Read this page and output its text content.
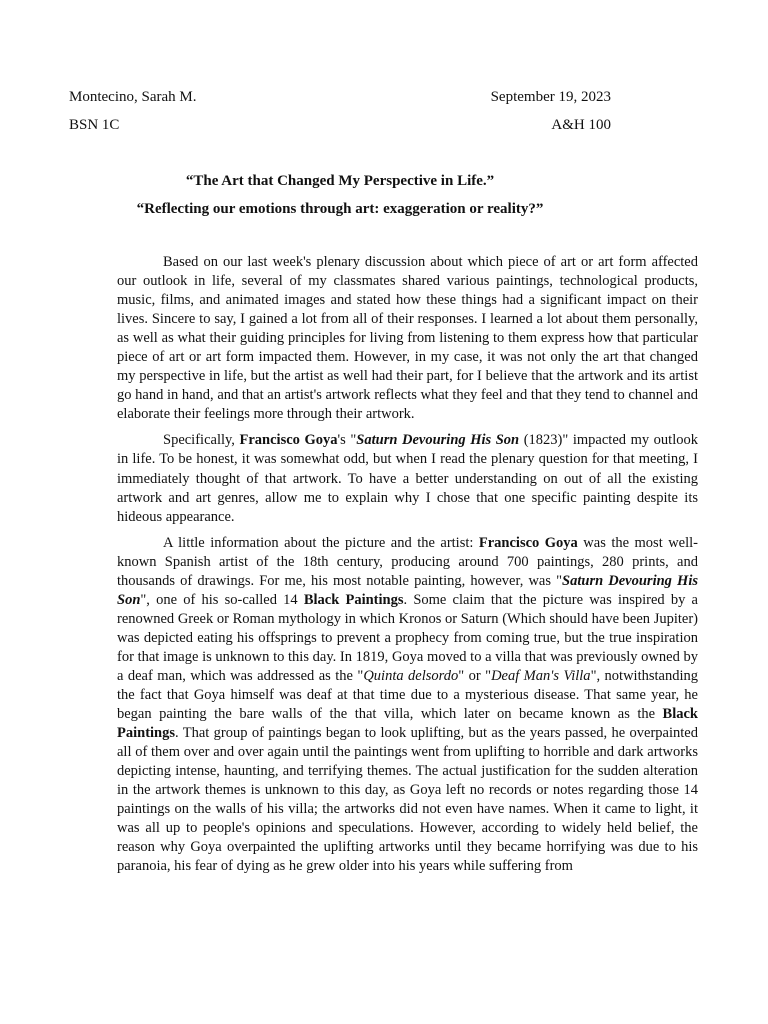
Montecino, Sarah M.	September 19, 2023
BSN 1C	A&H 100
“The Art that Changed My Perspective in Life.”
“Reflecting our emotions through art: exaggeration or reality?”

Based on our last week's plenary discussion about which piece of art or art form affected our outlook in life, several of my classmates shared various paintings, technological products, music, films, and animated images and stated how these things had a significant impact on their lives. Sincere to say, I gained a lot from all of their responses. I learned a lot about them personally, as well as what their guiding principles for living from listening to them express how that particular piece of art or art form impacted them. However, in my case, it was not only the art that changed my perspective in life, but the artist as well had their part, for I believe that the artwork and its artist go hand in hand, and that an artist's artwork reflects what they feel and that they tend to channel and elaborate their feelings more through their artwork.

Specifically, Francisco Goya's "Saturn Devouring His Son (1823)" impacted my outlook in life. To be honest, it was somewhat odd, but when I read the plenary question for that meeting, I immediately thought of that artwork. To have a better understanding on out of all the existing artwork and art genres, allow me to explain why I chose that one specific painting despite its hideous appearance.

A little information about the picture and the artist: Francisco Goya was the most well-known Spanish artist of the 18th century, producing around 700 paintings, 280 prints, and thousands of drawings. For me, his most notable painting, however, was "Saturn Devouring His Son", one of his so-called 14 Black Paintings. Some claim that the picture was inspired by a renowned Greek or Roman mythology in which Kronos or Saturn (Which should have been Jupiter) was depicted eating his offsprings to prevent a prophecy from coming true, but the true inspiration for that image is unknown to this day. In 1819, Goya moved to a villa that was previously owned by a deaf man, which was addressed as the "Quinta delsordo" or "Deaf Man's Villa", notwithstanding the fact that Goya himself was deaf at that time due to a mysterious disease. That same year, he began painting the bare walls of the that villa, which later on became known as the Black Paintings. That group of paintings began to look uplifting, but as the years passed, he overpainted all of them over and over again until the paintings went from uplifting to horrible and dark artworks depicting intense, haunting, and terrifying themes. The actual justification for the sudden alteration in the artwork themes is unknown to this day, as Goya left no records or notes regarding those 14 paintings on the walls of his villa; the artworks did not even have names. When it came to light, it was all up to people's opinions and speculations. However, according to widely held belief, the reason why Goya overpainted the uplifting artworks until they became horrifying was due to his paranoia, his fear of dying as he grew older into his years while suffering from
